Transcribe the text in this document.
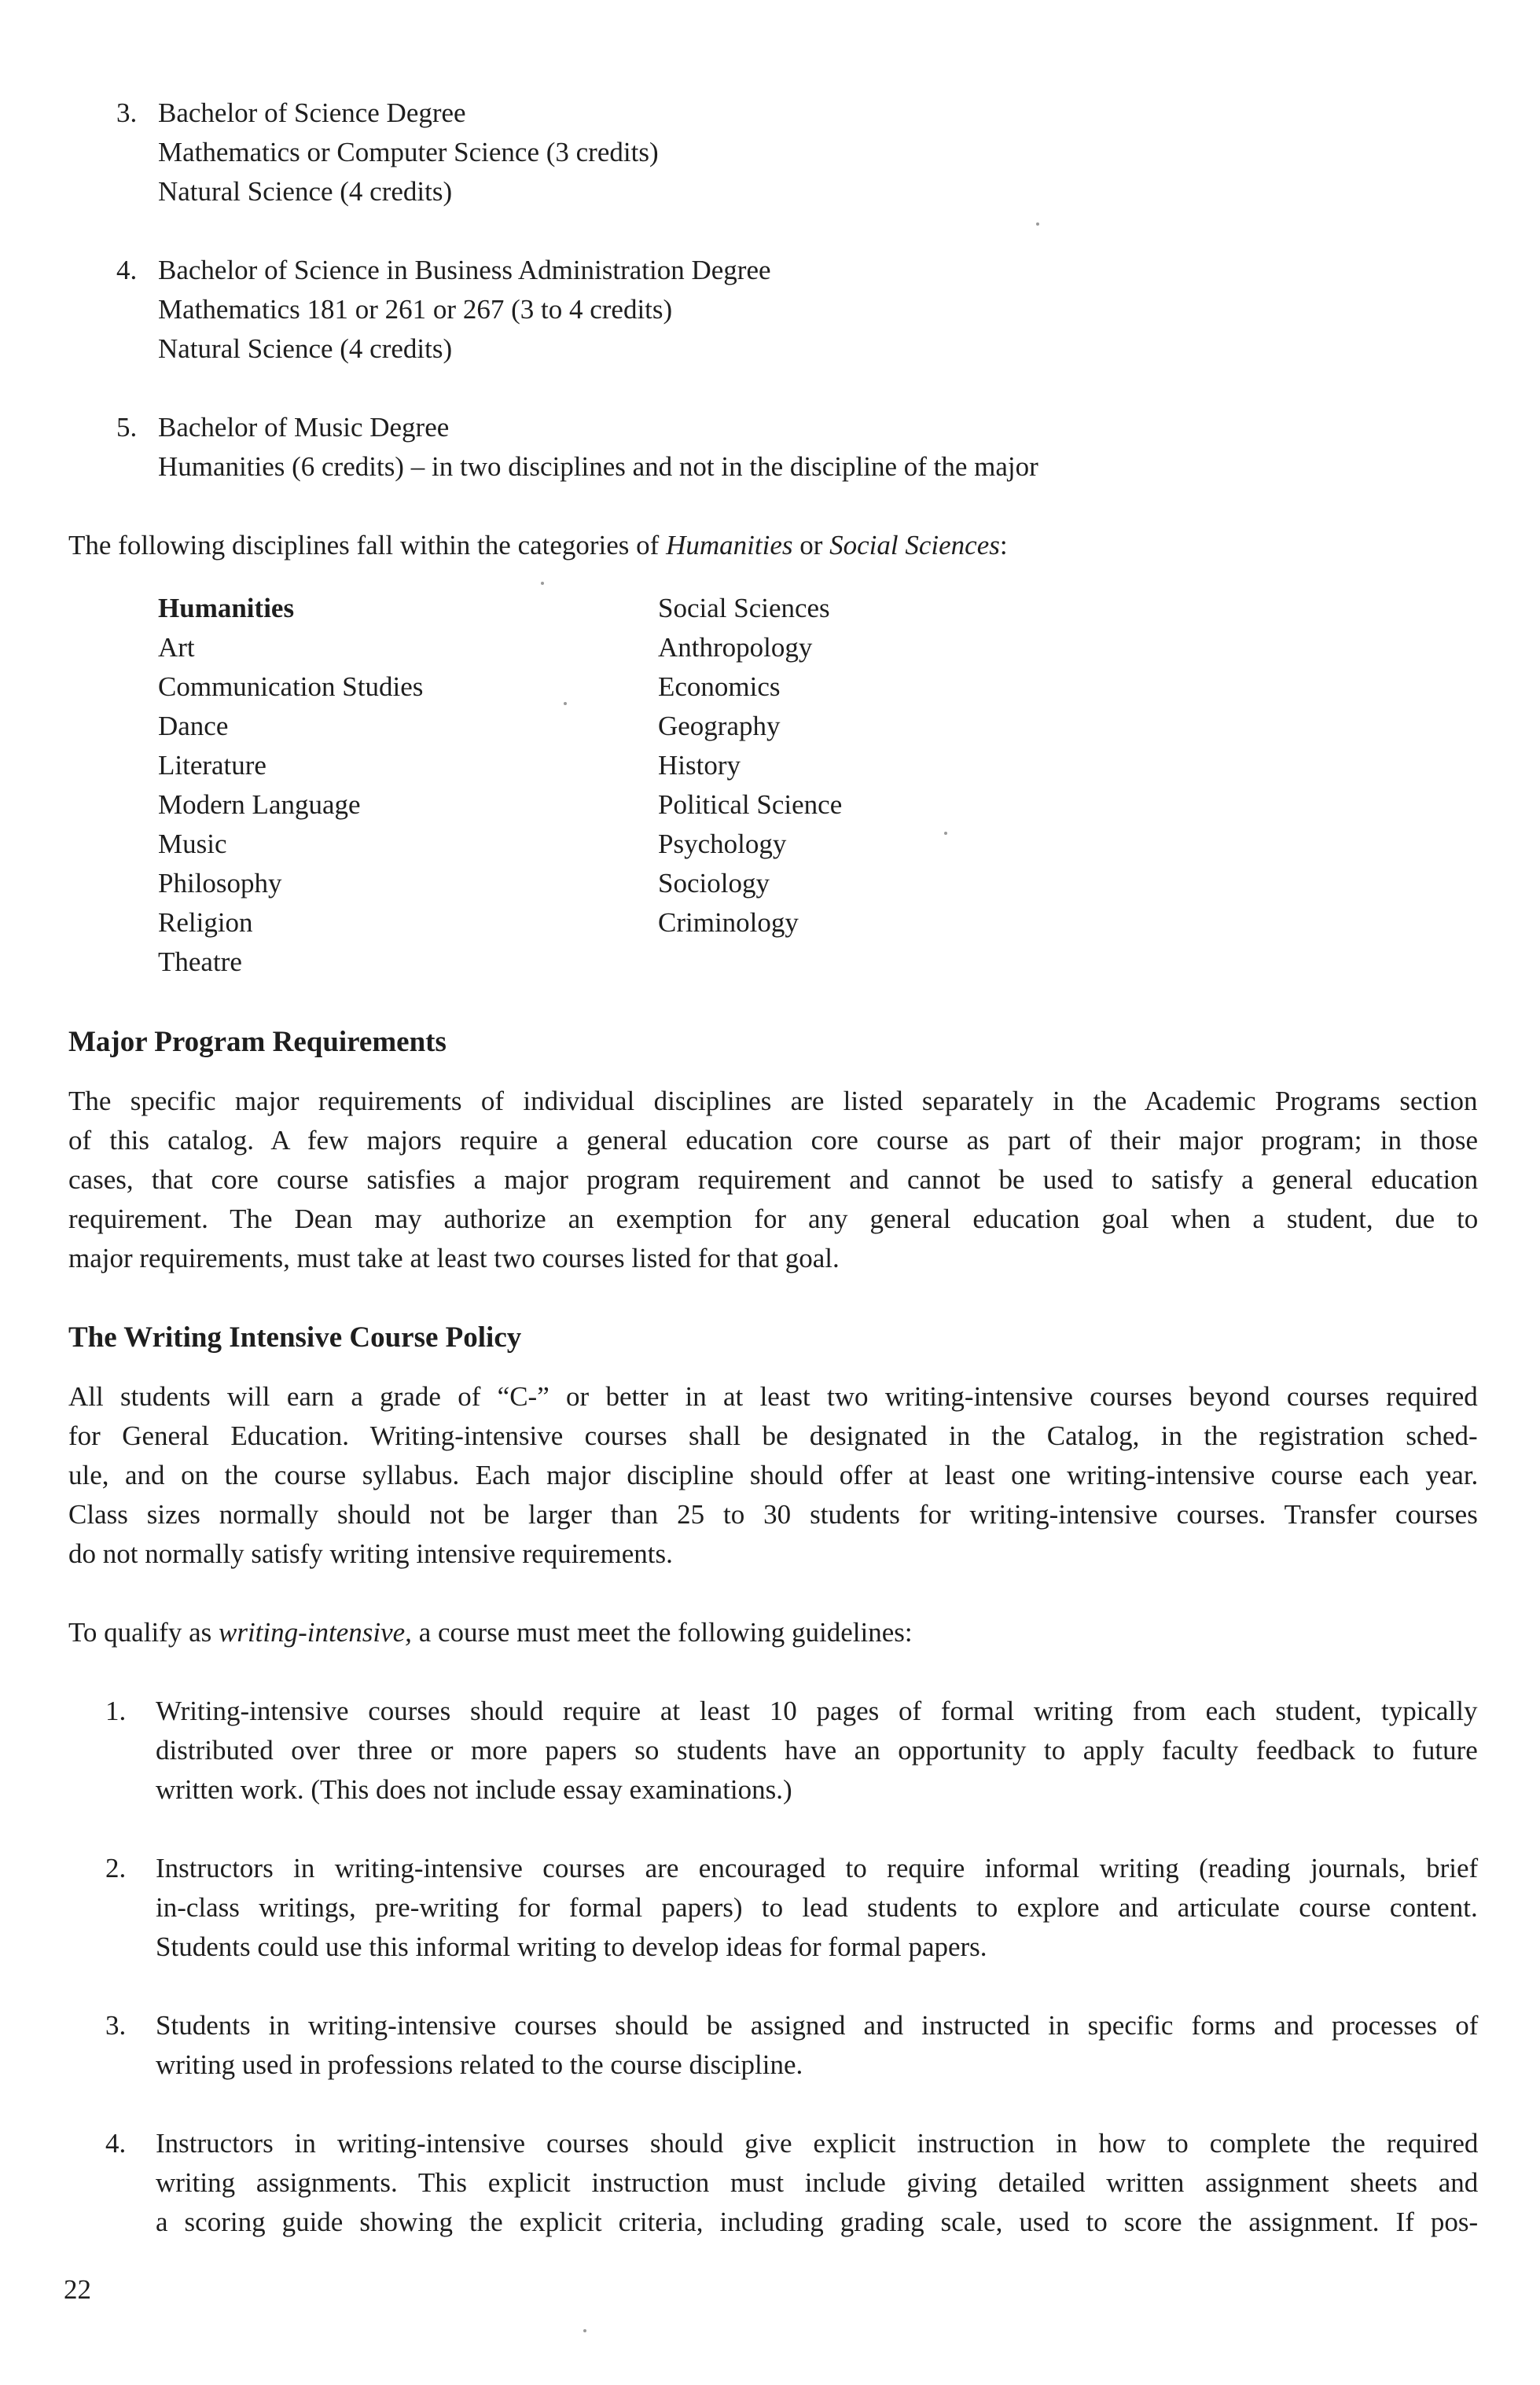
3. Bachelor of Science Degree
Mathematics or Computer Science (3 credits)
Natural Science (4 credits)
4. Bachelor of Science in Business Administration Degree
Mathematics 181 or 261 or 267 (3 to 4 credits)
Natural Science (4 credits)
5. Bachelor of Music Degree
Humanities (6 credits) – in two disciplines and not in the discipline of the major
The following disciplines fall within the categories of Humanities or Social Sciences:
Humanities
Art
Communication Studies
Dance
Literature
Modern Language
Music
Philosophy
Religion
Theatre
Social Sciences
Anthropology
Economics
Geography
History
Political Science
Psychology
Sociology
Criminology
Major Program Requirements
The specific major requirements of individual disciplines are listed separately in the Academic Programs section
of this catalog. A few majors require a general education core course as part of their major program; in those
cases, that core course satisfies a major program requirement and cannot be used to satisfy a general education
requirement. The Dean may authorize an exemption for any general education goal when a student, due to
major requirements, must take at least two courses listed for that goal.
The Writing Intensive Course Policy
All students will earn a grade of “C-” or better in at least two writing-intensive courses beyond courses required
for General Education. Writing-intensive courses shall be designated in the Catalog, in the registration sched-
ule, and on the course syllabus. Each major discipline should offer at least one writing-intensive course each year.
Class sizes normally should not be larger than 25 to 30 students for writing-intensive courses. Transfer courses
do not normally satisfy writing intensive requirements.
To qualify as writing-intensive, a course must meet the following guidelines:
1. Writing-intensive courses should require at least 10 pages of formal writing from each student, typically
distributed over three or more papers so students have an opportunity to apply faculty feedback to future
written work. (This does not include essay examinations.)
2. Instructors in writing-intensive courses are encouraged to require informal writing (reading journals, brief
in-class writings, pre-writing for formal papers) to lead students to explore and articulate course content.
Students could use this informal writing to develop ideas for formal papers.
3. Students in writing-intensive courses should be assigned and instructed in specific forms and processes of
writing used in professions related to the course discipline.
4. Instructors in writing-intensive courses should give explicit instruction in how to complete the required
writing assignments. This explicit instruction must include giving detailed written assignment sheets and
a scoring guide showing the explicit criteria, including grading scale, used to score the assignment. If pos-
22
